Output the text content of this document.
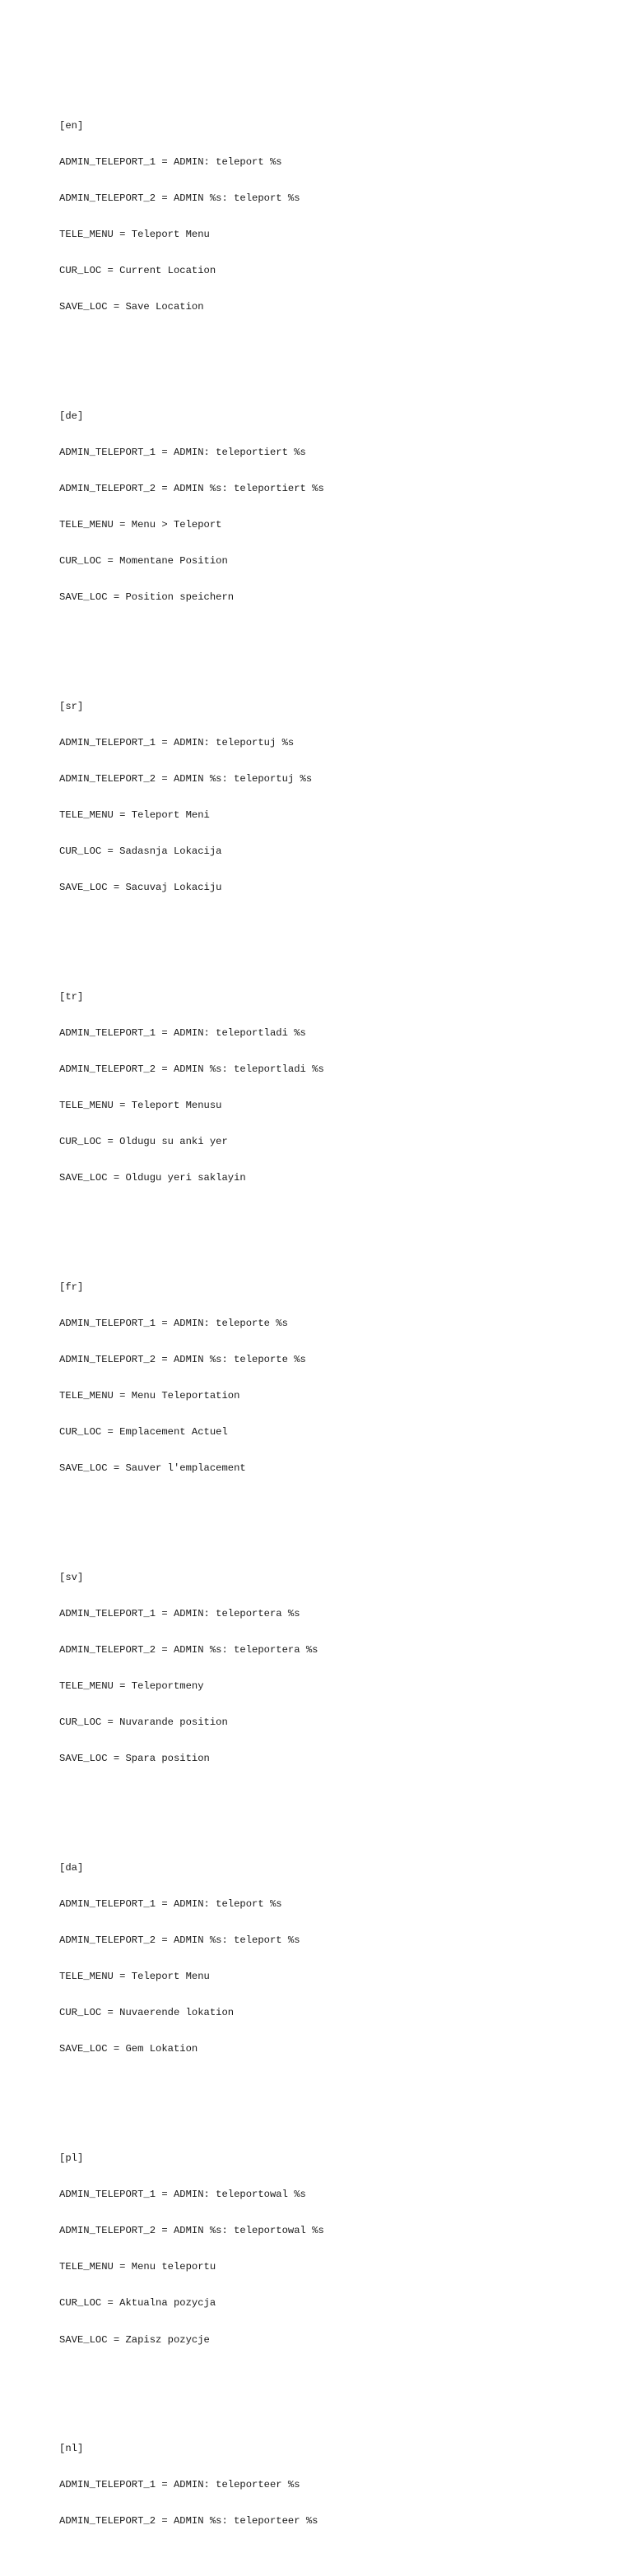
[en]

ADMIN_TELEPORT_1 = ADMIN: teleport %s

ADMIN_TELEPORT_2 = ADMIN %s: teleport %s

TELE_MENU = Teleport Menu

CUR_LOC = Current Location

SAVE_LOC = Save Location

[de]

ADMIN_TELEPORT_1 = ADMIN: teleportiert %s

ADMIN_TELEPORT_2 = ADMIN %s: teleportiert %s

TELE_MENU = Menu > Teleport

CUR_LOC = Momentane Position

SAVE_LOC = Position speichern

[sr]

ADMIN_TELEPORT_1 = ADMIN: teleportuj %s

ADMIN_TELEPORT_2 = ADMIN %s: teleportuj %s

TELE_MENU = Teleport Meni

CUR_LOC = Sadasnja Lokacija

SAVE_LOC = Sacuvaj Lokaciju

[tr]

ADMIN_TELEPORT_1 = ADMIN: teleportladi %s

ADMIN_TELEPORT_2 = ADMIN %s: teleportladi %s

TELE_MENU = Teleport Menusu

CUR_LOC = Oldugu su anki yer

SAVE_LOC = Oldugu yeri saklayin

[fr]

ADMIN_TELEPORT_1 = ADMIN: teleporte %s

ADMIN_TELEPORT_2 = ADMIN %s: teleporte %s

TELE_MENU = Menu Teleportation

CUR_LOC = Emplacement Actuel

SAVE_LOC = Sauver l'emplacement

[sv]

ADMIN_TELEPORT_1 = ADMIN: teleportera %s

ADMIN_TELEPORT_2 = ADMIN %s: teleportera %s

TELE_MENU = Teleportmeny

CUR_LOC = Nuvarande position

SAVE_LOC = Spara position

[da]

ADMIN_TELEPORT_1 = ADMIN: teleport %s

ADMIN_TELEPORT_2 = ADMIN %s: teleport %s

TELE_MENU = Teleport Menu

CUR_LOC = Nuvaerende lokation

SAVE_LOC = Gem Lokation

[pl]

ADMIN_TELEPORT_1 = ADMIN: teleportowal %s

ADMIN_TELEPORT_2 = ADMIN %s: teleportowal %s

TELE_MENU = Menu teleportu

CUR_LOC = Aktualna pozycja

SAVE_LOC = Zapisz pozycje

[nl]

ADMIN_TELEPORT_1 = ADMIN: teleporteer %s

ADMIN_TELEPORT_2 = ADMIN %s: teleporteer %s
